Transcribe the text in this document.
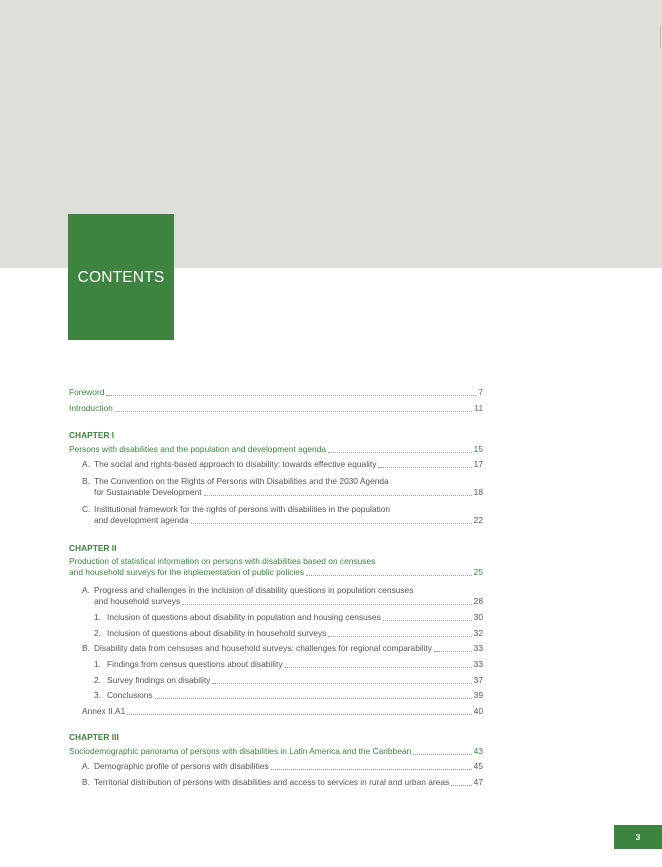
CONTENTS
Foreword	7
Introduction	11
CHAPTER I
Persons with disabilities and the population and development agenda	15
A. The social and rights-based approach to disability: towards effective equality	17
B. The Convention on the Rights of Persons with Disabilities and the 2030 Agenda
for Sustainable Development	18
C. Institutional framework for the rights of persons with disabilities in the population
and development agenda	22
CHAPTER II
Production of statistical information on persons with disabilities based on censuses
and household surveys for the implementation of public policies	25
A. Progress and challenges in the inclusion of disability questions in population censuses
and household surveys	28
1. Inclusion of questions about disability in population and housing censuses	30
2. Inclusion of questions about disability in household surveys	32
B. Disability data from censuses and household surveys: challenges for regional comparability	33
1. Findings from census questions about disability	33
2. Survey findings on disability	37
3. Conclusions	39
Annex II.A1	40
CHAPTER III
Sociodemographic panorama of persons with disabilities in Latin America and the Caribbean	43
A. Demographic profile of persons with disabilities	45
B. Territorial distribution of persons with disabilities and access to services in rural and urban areas	47
3
